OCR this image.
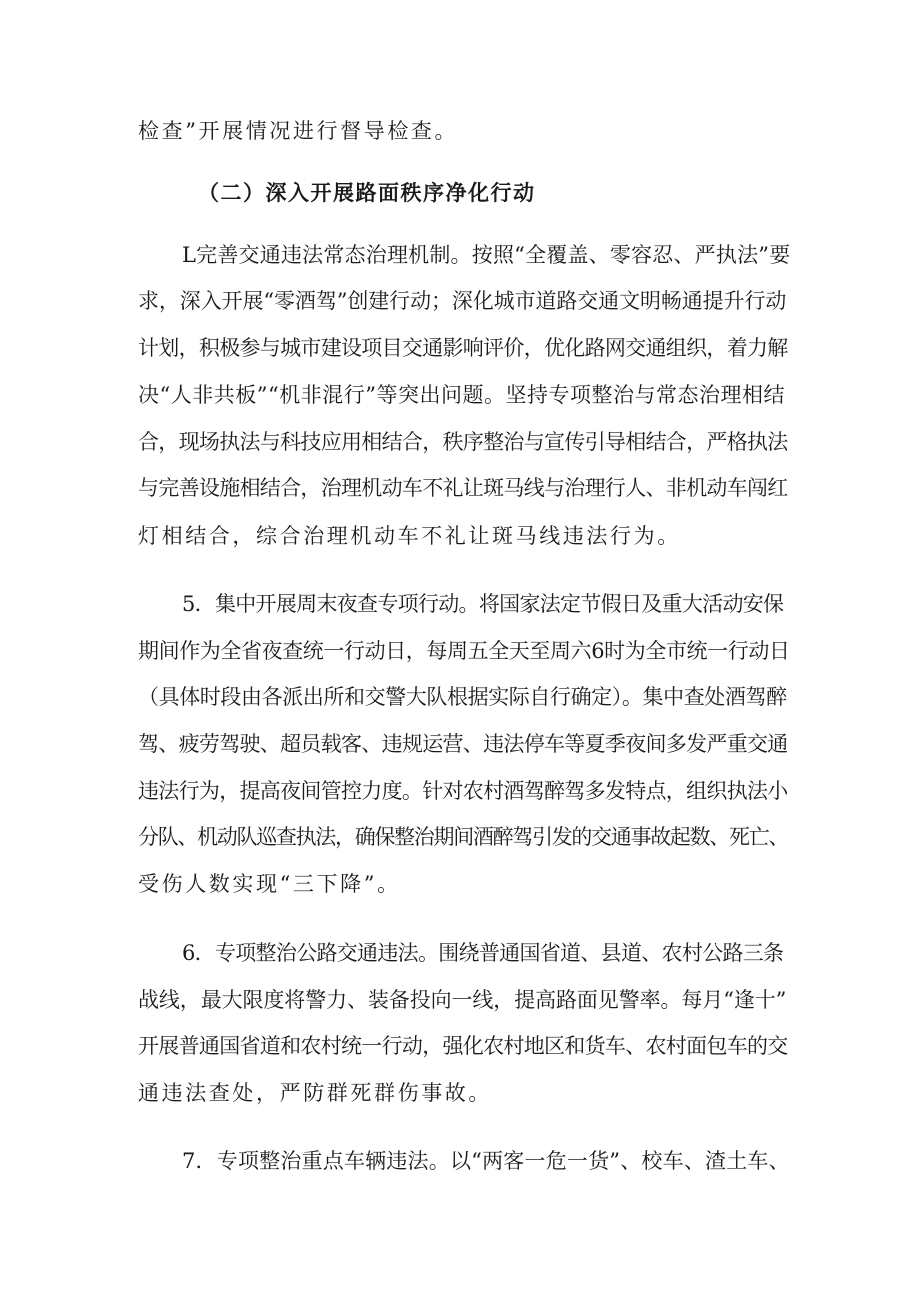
检查”开展情况进行督导检查。
（二）深入开展路面秩序净化行动
L完善交通违法常态治理机制。按照“全覆盖、零容忍、严执法”要
求，深入开展“零酒驾”创建行动；深化城市道路交通文明畅通提升行动
计划，积极参与城市建设项目交通影响评价，优化路网交通组织，着力解
决“人非共板”“机非混行”等突出问题。坚持专项整治与常态治理相结
合，现场执法与科技应用相结合，秩序整治与宣传引导相结合，严格执法
与完善设施相结合，治理机动车不礼让斑马线与治理行人、非机动车闯红
灯相结合，综合治理机动车不礼让斑马线违法行为。
5．集中开展周末夜查专项行动。将国家法定节假日及重大活动安保
期间作为全省夜查统一行动日，每周五全天至周六6时为全市统一行动日
（具体时段由各派出所和交警大队根据实际自行确定）。集中查处酒驾醉
驾、疲劳驾驶、超员载客、违规运营、违法停车等夏季夜间多发严重交通
违法行为，提高夜间管控力度。针对农村酒驾醉驾多发特点，组织执法小
分队、机动队巡查执法，确保整治期间酒醉驾引发的交通事故起数、死亡、
受伤人数实现“三下降”。
6．专项整治公路交通违法。围绕普通国省道、县道、农村公路三条
战线，最大限度将警力、装备投向一线，提高路面见警率。每月“逢十”
开展普通国省道和农村统一行动，强化农村地区和货车、农村面包车的交
通违法查处，严防群死群伤事故。
7．专项整治重点车辆违法。以“两客一危一货”、校车、渣土车、
